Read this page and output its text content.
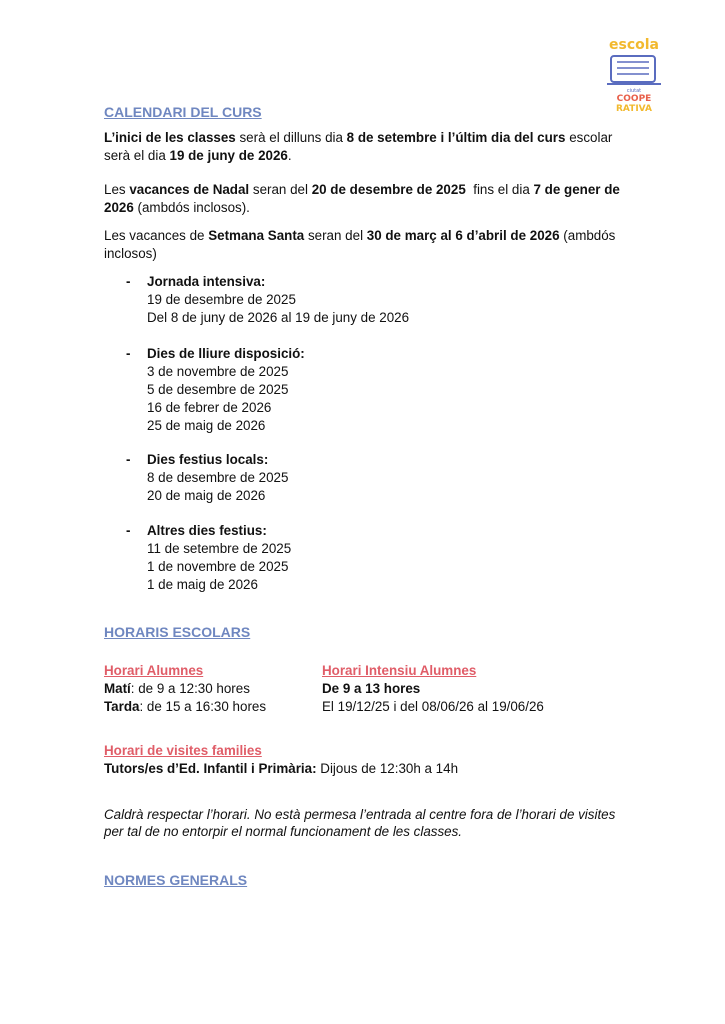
escola
ciutat
COOPE
RATIVA
CALENDARI DEL CURS
L’inici de les classes serà el dilluns dia 8 de setembre i l’últim dia del curs escolar serà el dia 19 de juny de 2026.
Les vacances de Nadal seran del 20 de desembre de 2025  fins el dia 7 de gener de 2026 (ambdós inclosos).
Les vacances de Setmana Santa seran del 30 de març al 6 d’abril de 2026 (ambdós inclosos)
- Jornada intensiva:
19 de desembre de 2025
Del 8 de juny de 2026 al 19 de juny de 2026
- Dies de lliure disposició:
3 de novembre de 2025
5 de desembre de 2025
16 de febrer de 2026
25 de maig de 2026
- Dies festius locals:
8 de desembre de 2025
20 de maig de 2026
- Altres dies festius:
11 de setembre de 2025
1 de novembre de 2025
1 de maig de 2026
HORARIS ESCOLARS
Horari Alumnes
Matí: de 9 a 12:30 hores
Tarda: de 15 a 16:30 hores
Horari Intensiu Alumnes
De 9 a 13 hores
El 19/12/25 i del 08/06/26 al 19/06/26
Horari de visites families
Tutors/es d’Ed. Infantil i Primària: Dijous de 12:30h a 14h
Caldrà respectar l’horari. No està permesa l’entrada al centre fora de l’horari de visites per tal de no entorpir el normal funcionament de les classes.
NORMES GENERALS
